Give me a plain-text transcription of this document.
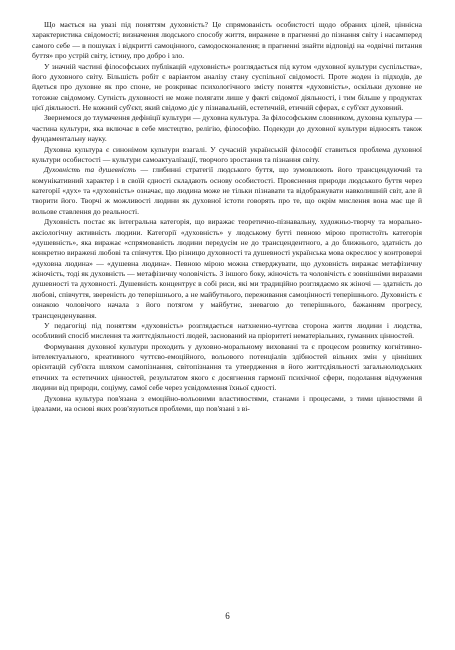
Що мається на увазі під поняттям духовність? Це спрямованість особистості щодо обраних цілей, ціннісна характеристика свідомості; визначення людського способу життя, виражене в прагненні до пізнання світу і насамперед самого себе — в пошуках і відкритті самоцінного, самодосконалення; в прагненні знайти відповіді на «одвічні питання буття» про устрій світу, істину, про добро і зло.

У значній частині філософських публікацій «духовність» розглядається під кутом «духовної культури суспільства», його духовного світу. Більшість робіт є варіантом аналізу стану суспільної свідомості. Проте жоден із підходів, де йдеться про духовне як про споне, не розкриває психологічного змісту поняття «духовність», оскільки духовне не тотожне свідомому. Сутність духовності не може полягати лише у факті свідомої діяльності, і тим більше у продуктах цієї діяльності. Не кожний суб'єкт, який свідомо діє у пізнавальній, естетичній, етичній сферах, є суб'єкт духовний.

Звернемося до тлумачення дефініції культури — духовна культура. За філософським словником, духовна культура — частина культури, яка включає в себе мистецтво, релігію, філософію. Подекуди до духовної культури відносять також фундаментальну науку.

Духовна культура є синонімом культури взагалі. У сучасній українській філософії ставиться проблема духовної культури особистості — культури самоактуалізації, творчого зростання та пізнання світу.

Духовність та душевність — глибинні стратегії людського буття, що зумовлюють його трансцендуючий та комунікативний характер і в своїй єдності складають основу особистості. Прояснення природи людського буття через категорії «дух» та «духовність» означає, що людина може не тільки пізнавати та відображувати навколишній світ, але й творити його. Творчі ж можливості людини як духовної істоти говорять про те, що окрім мислення вона має ще й вольове ставлення до реальності.

Духовність постає як інтегральна категорія, що виражає теоретично-пізнавальну, художньо-творчу та морально-аксіологічну активність людини. Категорії «духовність» у людському бутті певною мірою протистоїть категорія «душевність», яка виражає «спрямованість людини передусім не до трансцендентного, а до ближнього, здатність до конкретно виражені любові та співчуття. Цю різницю духовності та душевності українська мова окреслює у контроверзі «духовна людина» — «душевна людина». Певною мірою можна стверджувати, що духовність виражає метафізичну жіночість, тоді як духовність — метафізичну чоловічість. З іншого боку, жіночість та чоловічість є зовнішніми виразами душевності та духовності. Душевність концентрує в собі риси, які ми традиційно розглядаємо як жіночі — здатність до любові, співчуття, звереність до теперішнього, а не майбутнього, переживання самоцінності теперішнього. Духовність є ознакою чоловічого начала з його потягом у майбутнє, зневагою до теперішнього, бажанням прогресу, трансценденування.

У педагогіці під поняттям «духовність» розглядається натхненно-чуттєва сторона життя людини і людства, особливий спосіб мислення та життєдіяльності людей, заснований на пріоритеті нематеріальних, гуманних цінностей.

Формування духовної культури проходить у духовно-моральному вихованні та є процесом розвитку когнітивно-інтелектуального, креативного чуттєво-емоційного, вольового потенціалів здібностей вільних змін у цінніших орієнтацій суб'єкта шляхом самопізнання, світопізнання та утвердження в його життєдіяльності загальнолюдських етичних та естетичних цінностей, результатом якого є досягнення гармонії психічної сфери, подолання відчуження людини від природи, соціуму, самої себе через усвідомлення їхньої єдності.

Духовна культура пов'язана з емоційно-вольовими властивостями, станами і процесами, з тими цінностями й ідеалами, на основі яких розв'язуються проблеми, що пов'язані з ві-

6
